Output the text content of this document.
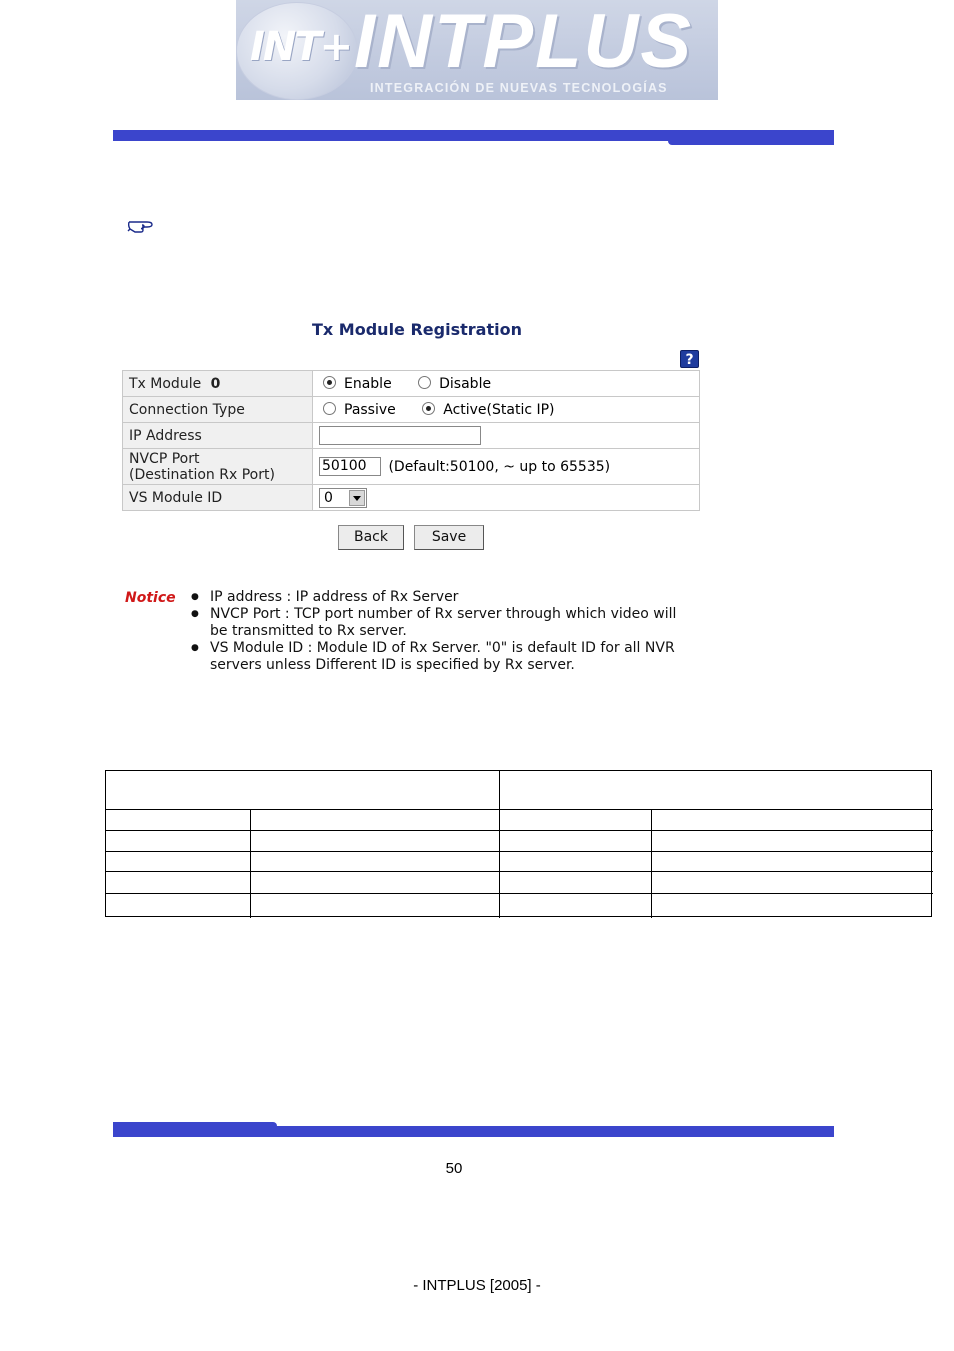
INT+ INTPLUS
INTEGRACIÓN DE NUEVAS TECNOLOGÍAS
Tx Module Registration
?
Tx Module 0	Enable Disable
Connection Type	Passive Active(Static IP)
IP Address	

NVCP Port
(Destination Rx Port)	50100 (Default:50100, ~ up to 65535)
VS Module ID	0
Back	Save
Notice	● IP address : IP address of Rx Server
● NVCP Port : TCP port number of Rx server through which video will be transmitted to Rx server.
● VS Module ID : Module ID of Rx Server. "0" is default ID for all NVR servers unless Different ID is specified by Rx server.
50
- INTPLUS [2005] -
